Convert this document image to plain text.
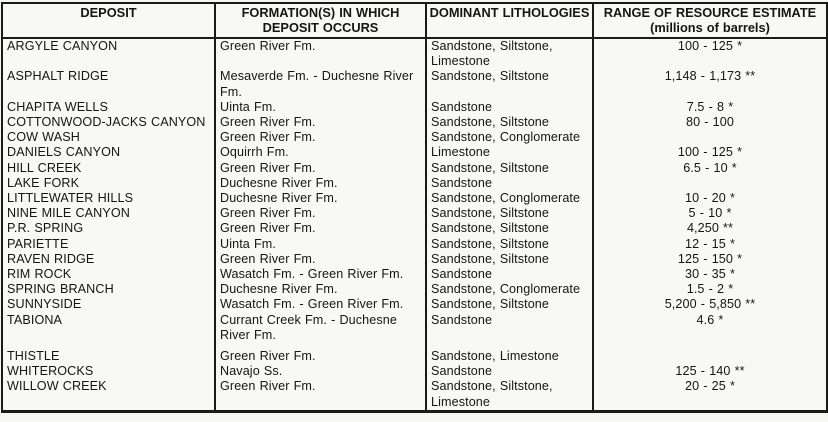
DEPOSIT	FORMATION(S) IN WHICH DEPOSIT OCCURS	DOMINANT LITHOLOGIES	RANGE OF RESOURCE ESTIMATE
(millions of barrels)

ARGYLE CANYON	Green River Fm.	Sandstone, Siltstone, Limestone	100 - 125 *
ASPHALT RIDGE	Mesaverde Fm. - Duchesne River Fm.	Sandstone, Siltstone	1,148 - 1,173 **
CHAPITA WELLS	Uinta Fm.	Sandstone	7.5 - 8 *
COTTONWOOD-JACKS CANYON	Green River Fm.	Sandstone, Siltstone	80 - 100
COW WASH	Green River Fm.	Sandstone, Conglomerate	
DANIELS CANYON	Oquirrh Fm.	Limestone	100 - 125 *
HILL CREEK	Green River Fm.	Sandstone, Siltstone	6.5 - 10 *
LAKE FORK	Duchesne River Fm.	Sandstone	
LITTLEWATER HILLS	Duchesne River Fm.	Sandstone, Conglomerate	10 - 20 *
NINE MILE CANYON	Green River Fm.	Sandstone, Siltstone	5 - 10 *
P.R. SPRING	Green River Fm.	Sandstone, Siltstone	4,250 **
PARIETTE	Uinta Fm.	Sandstone, Siltstone	12 - 15 *
RAVEN RIDGE	Green River Fm.	Sandstone, Siltstone	125 - 150 *
RIM ROCK	Wasatch Fm. - Green River Fm.	Sandstone	30 - 35 *
SPRING BRANCH	Duchesne River Fm.	Sandstone, Conglomerate	1.5 - 2 *
SUNNYSIDE	Wasatch Fm. - Green River Fm.	Sandstone, Siltstone	5,200 - 5,850 **
TABIONA	Currant Creek Fm. - Duchesne River Fm.	Sandstone	4.6 *
THISTLE	Green River Fm.	Sandstone, Limestone	
WHITEROCKS	Navajo Ss.	Sandstone	125 - 140 **
WILLOW CREEK	Green River Fm.	Sandstone, Siltstone, Limestone	20 - 25 *
